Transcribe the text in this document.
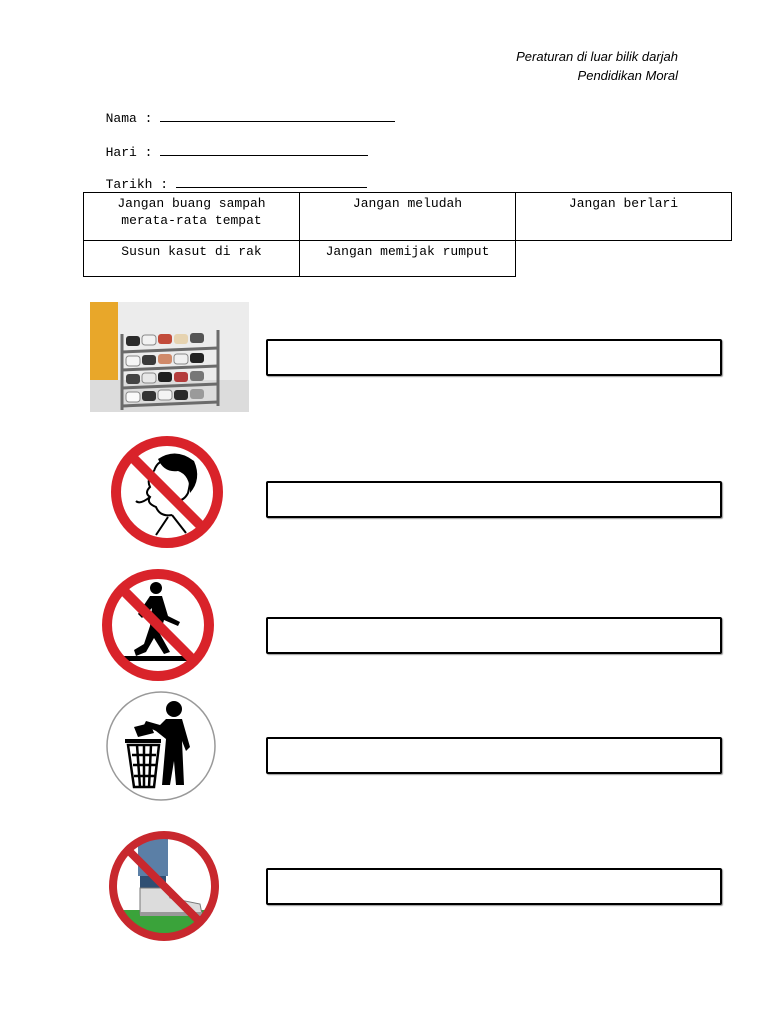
Peraturan di luar bilik darjah
Pendidikan Moral

Nama :

Hari :

Tarikh :

Jangan buang sampah merata-rata tempat	Jangan meludah	Jangan berlari
Susun kasut di rak	Jangan memijak rumput	
